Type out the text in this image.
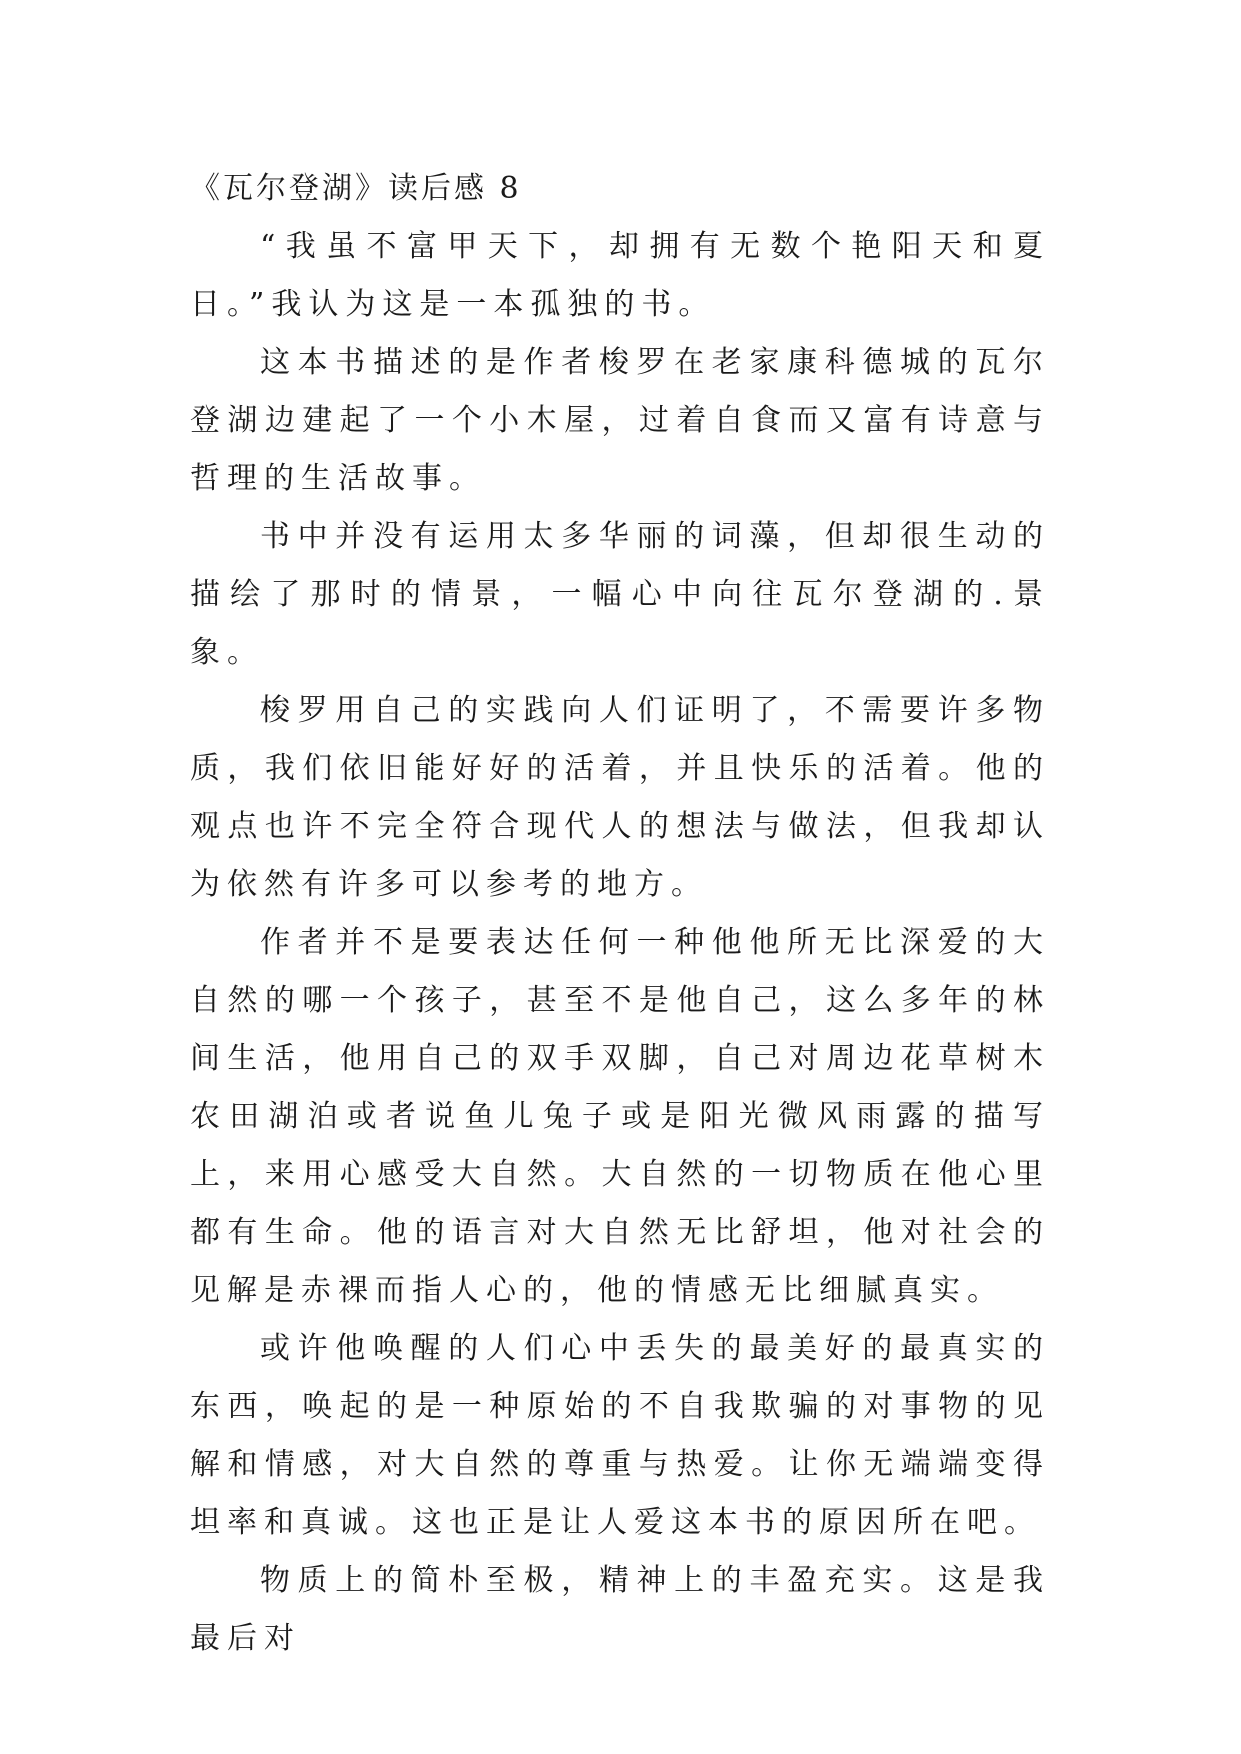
《瓦尔登湖》读后感 8

“我虽不富甲天下，却拥有无数个艳阳天和夏日。”我认为这是一本孤独的书。

这本书描述的是作者梭罗在老家康科德城的瓦尔登湖边建起了一个小木屋，过着自食而又富有诗意与哲理的生活故事。

书中并没有运用太多华丽的词藻，但却很生动的描绘了那时的情景，一幅心中向往瓦尔登湖的.景象。

梭罗用自己的实践向人们证明了，不需要许多物质，我们依旧能好好的活着，并且快乐的活着。他的观点也许不完全符合现代人的想法与做法，但我却认为依然有许多可以参考的地方。

作者并不是要表达任何一种他他所无比深爱的大自然的哪一个孩子，甚至不是他自己，这么多年的林间生活，他用自己的双手双脚，自己对周边花草树木农田湖泊或者说鱼儿兔子或是阳光微风雨露的描写上，来用心感受大自然。大自然的一切物质在他心里都有生命。他的语言对大自然无比舒坦，他对社会的见解是赤裸而指人心的，他的情感无比细腻真实。

或许他唤醒的人们心中丢失的最美好的最真实的东西，唤起的是一种原始的不自我欺骗的对事物的见解和情感，对大自然的尊重与热爱。让你无端端变得坦率和真诚。这也正是让人爱这本书的原因所在吧。

物质上的简朴至极，精神上的丰盈充实。这是我最后对
